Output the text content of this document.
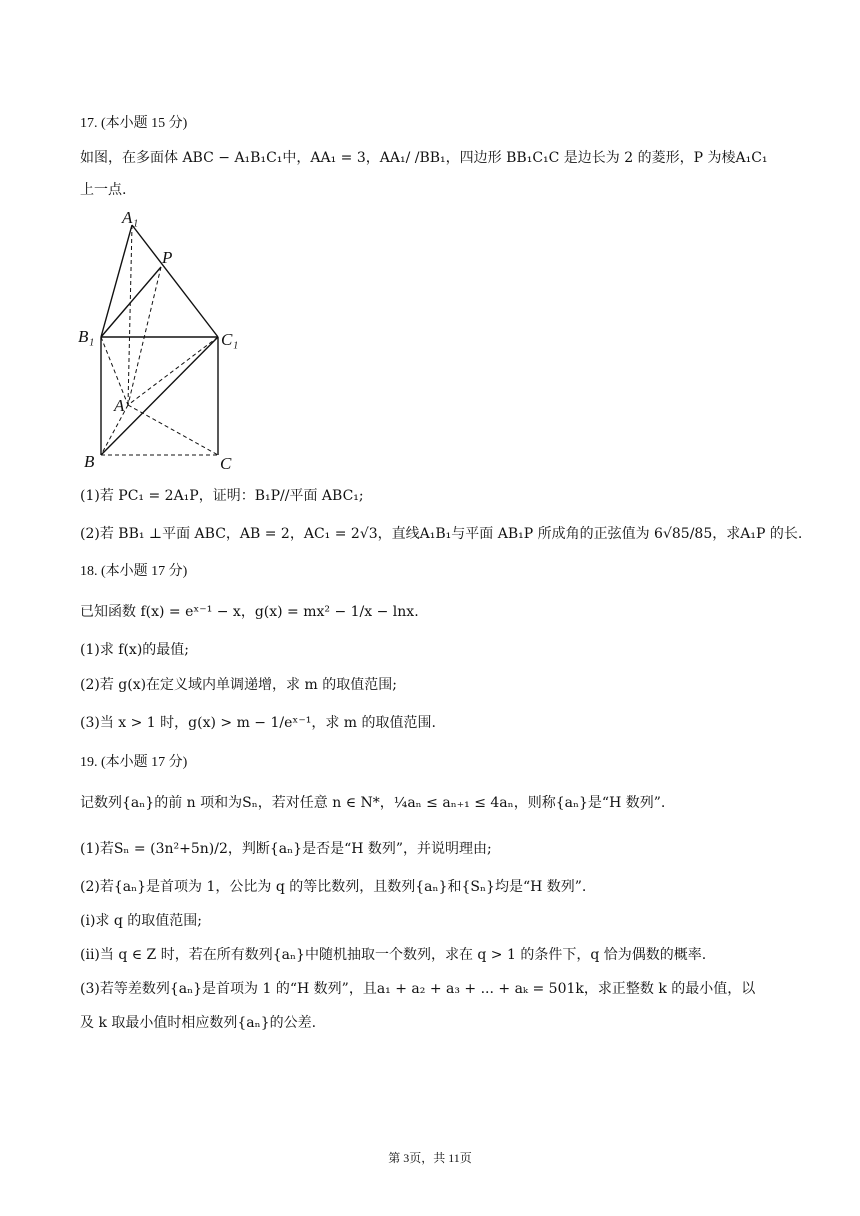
17. (本小题 15 分)
如图，在多面体 ABC − A₁B₁C₁中，AA₁ = 3，AA₁/ /BB₁，四边形 BB₁C₁C 是边长为 2 的菱形，P 为棱A₁C₁
上一点.
A₁
P
B₁	C₁
A
B	C
(1)若 PC₁ = 2A₁P，证明：B₁P//平面 ABC₁;
(2)若 BB₁ ⊥平面 ABC，AB = 2，AC₁ = 2√3，直线A₁B₁与平面 AB₁P 所成角的正弦值为 6√85/85，求A₁P 的长.
18. (本小题 17 分)
已知函数 f(x) = eˣ⁻¹ − x，g(x) = mx² − 1/x − lnx.
(1)求 f(x)的最值;
(2)若 g(x)在定义域内单调递增，求 m 的取值范围;
(3)当 x > 1 时，g(x) > m − 1/eˣ⁻¹，求 m 的取值范围.
19. (本小题 17 分)
记数列{aₙ}的前 n 项和为Sₙ，若对任意 n ∈ N*，¼aₙ ≤ aₙ₊₁ ≤ 4aₙ，则称{aₙ}是“H 数列”.
(1)若Sₙ = (3n²+5n)/2，判断{aₙ}是否是“H 数列”，并说明理由;
(2)若{aₙ}是首项为 1，公比为 q 的等比数列，且数列{aₙ}和{Sₙ}均是“H 数列”.
(i)求 q 的取值范围;
(ii)当 q ∈ Z 时，若在所有数列{aₙ}中随机抽取一个数列，求在 q > 1 的条件下，q 恰为偶数的概率.
(3)若等差数列{aₙ}是首项为 1 的“H 数列”，且a₁ + a₂ + a₃ + ... + aₖ = 501k，求正整数 k 的最小值，以
及 k 取最小值时相应数列{aₙ}的公差.
第 3页，共 11页
